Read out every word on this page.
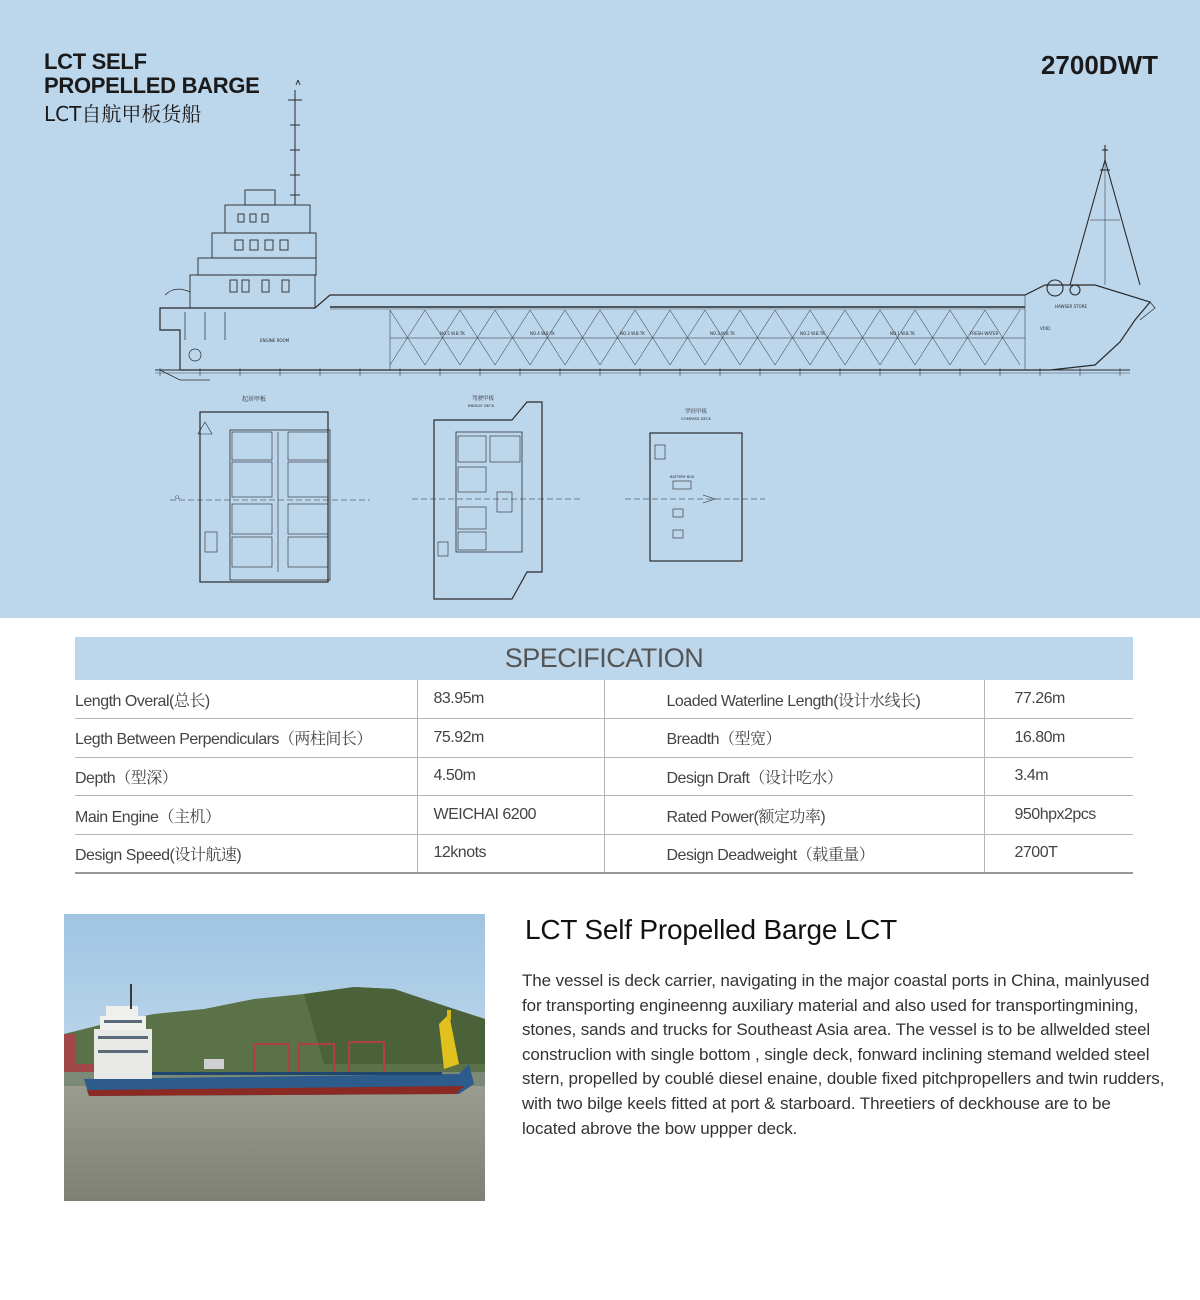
LCT SELF
PROPELLED BARGE
LCT自航甲板货船
2700DWT
NO.5 W.B.TK	NO.4 W.B.TK	NO.3 W.B.TK	NO.3 W.B.TK	NO.2 W.B.TK	NO.1 W.B.TK	FRESH WATER
VOID
ENGINE ROOM
HAWSER STORE
起居甲板
CL
驾驶甲板
BRIDGE DECK
罗经甲板
COMPASS DECK
BATTERY BOX
SPECIFICATION
Length Overal(总长)	83.95m	Loaded Waterline Length(设计水线长)	77.26m
Legth Between Perpendiculars（两柱间长）	75.92m	Breadth（型宽）	16.80m
Depth（型深）	4.50m	Design Draft（设计吃水）	3.4m
Main Engine（主机）	WEICHAI 6200	Rated Power(额定功率)	950hpx2pcs
Design Speed(设计航速)	12knots	Design Deadweight（载重量）	2700T
LCT Self Propelled Barge LCT
The vessel is deck carrier, navigating in the major coastal ports in China, mainlyused for transporting engineenng auxiliary material and also used for transportingmining, stones, sands and trucks for Southeast Asia area. The vessel is to be allwelded steel construclion with single bottom , single deck, fonward inclining stemand welded steel stern, propelled by coublé diesel enaine, double fixed pitchpropellers and twin rudders, with two bilge keels fitted at port & starboard. Threetiers of deckhouse are to be located abrove the bow uppper deck.
